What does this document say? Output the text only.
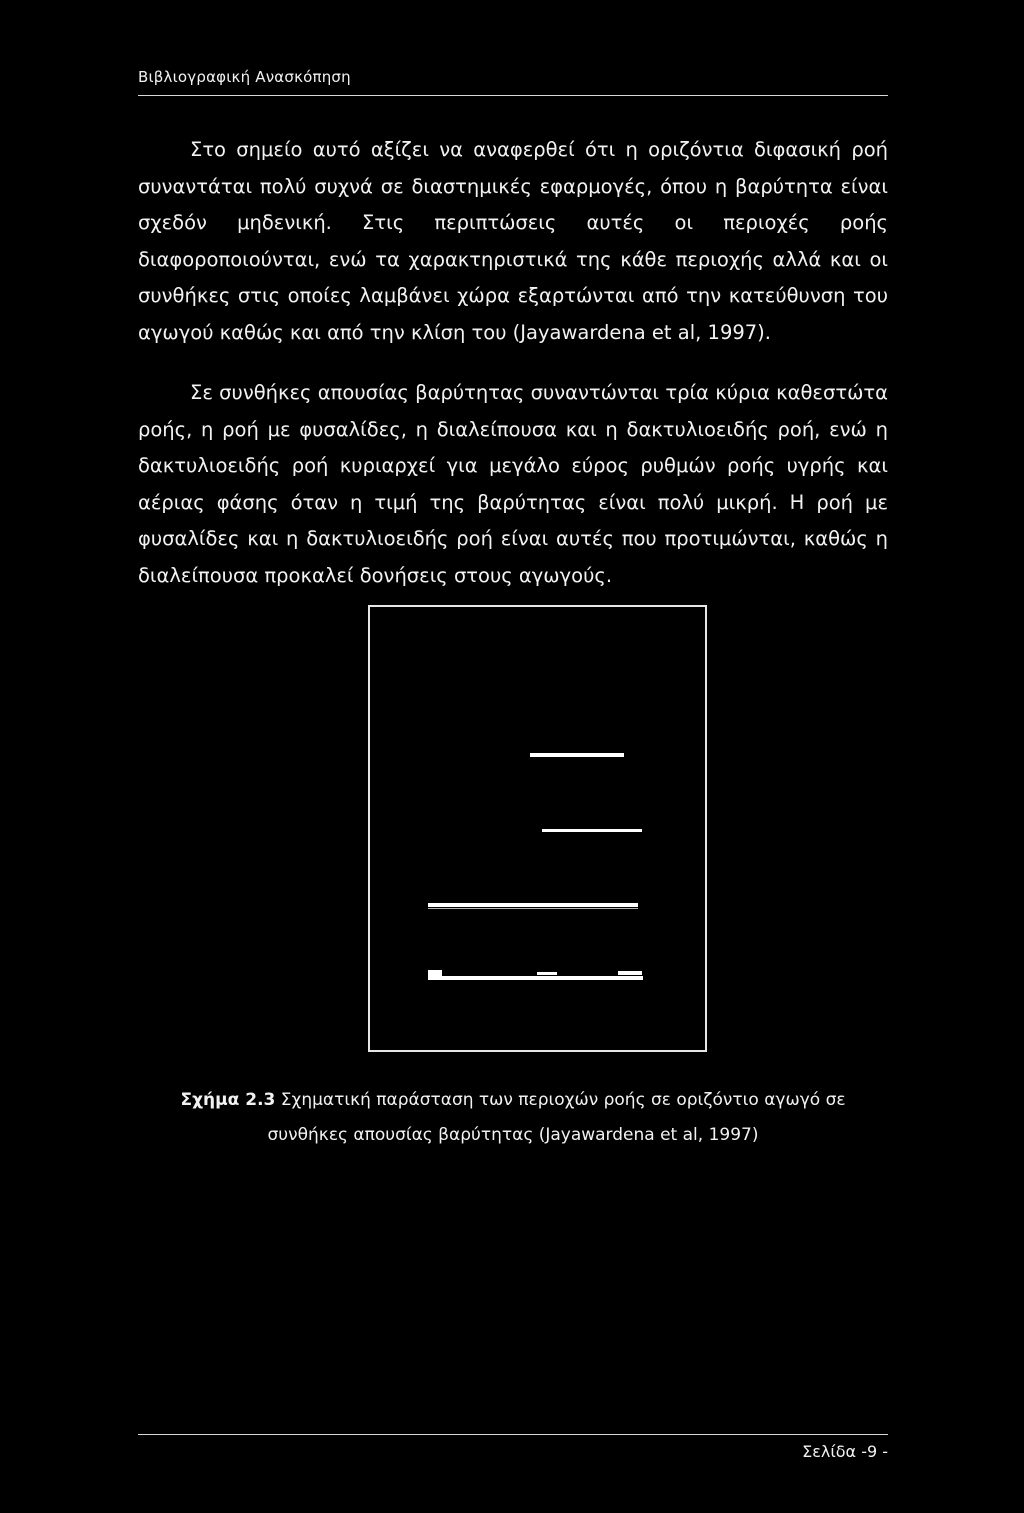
Βιβλιογραφική Ανασκόπηση

Στο σημείο αυτό αξίζει να αναφερθεί ότι η οριζόντια διφασική ροή συναντάται πολύ συχνά σε διαστημικές εφαρμογές, όπου η βαρύτητα είναι σχεδόν μηδενική. Στις περιπτώσεις αυτές οι περιοχές ροής διαφοροποιούνται, ενώ τα χαρακτηριστικά της κάθε περιοχής αλλά και οι συνθήκες στις οποίες λαμβάνει χώρα εξαρτώνται από την κατεύθυνση του αγωγού καθώς και από την κλίση του (Jayawardena et al, 1997).

Σε συνθήκες απουσίας βαρύτητας συναντώνται τρία κύρια καθεστώτα ροής, η ροή με φυσαλίδες, η διαλείπουσα και η δακτυλιοειδής ροή, ενώ η δακτυλιοειδής ροή κυριαρχεί για μεγάλο εύρος ρυθμών ροής υγρής και αέριας φάσης όταν η τιμή της βαρύτητας είναι πολύ μικρή. Η ροή με φυσαλίδες και η δακτυλιοειδής ροή είναι αυτές που προτιμώνται, καθώς η διαλείπουσα προκαλεί δονήσεις στους αγωγούς.

Σχήμα 2.3 Σχηματική παράσταση των περιοχών ροής σε οριζόντιο αγωγό σε συνθήκες απουσίας βαρύτητας (Jayawardena et al, 1997)

Σελίδα -9 -
